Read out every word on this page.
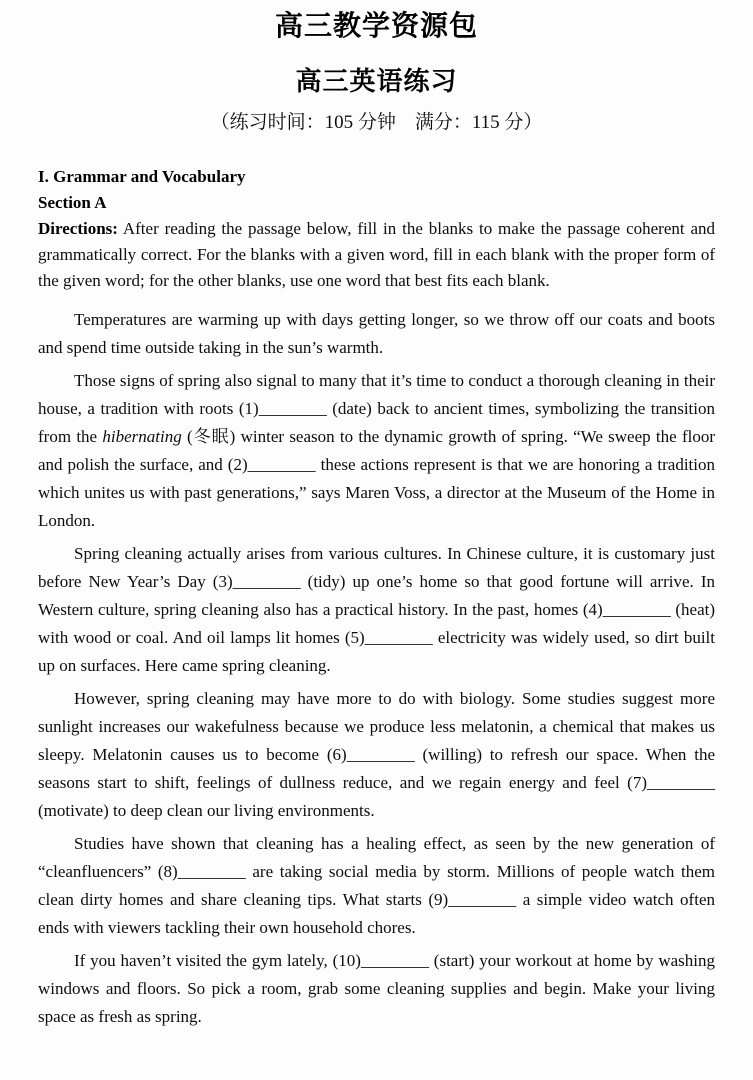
高三教学资源包
高三英语练习
（练习时间：105 分钟　满分：115 分）
I. Grammar and Vocabulary
Section A

Directions: After reading the passage below, fill in the blanks to make the passage coherent and grammatically correct. For the blanks with a given word, fill in each blank with the proper form of the given word; for the other blanks, use one word that best fits each blank.

Temperatures are warming up with days getting longer, so we throw off our coats and boots and spend time outside taking in the sun’s warmth.

Those signs of spring also signal to many that it’s time to conduct a thorough cleaning in their house, a tradition with roots (1)________ (date) back to ancient times, symbolizing the transition from the hibernating (冬眠) winter season to the dynamic growth of spring. “We sweep the floor and polish the surface, and (2)________ these actions represent is that we are honoring a tradition which unites us with past generations,” says Maren Voss, a director at the Museum of the Home in London.

Spring cleaning actually arises from various cultures. In Chinese culture, it is customary just before New Year’s Day (3)________ (tidy) up one’s home so that good fortune will arrive. In Western culture, spring cleaning also has a practical history. In the past, homes (4)________ (heat) with wood or coal. And oil lamps lit homes (5)________ electricity was widely used, so dirt built up on surfaces. Here came spring cleaning.

However, spring cleaning may have more to do with biology. Some studies suggest more sunlight increases our wakefulness because we produce less melatonin, a chemical that makes us sleepy. Melatonin causes us to become (6)________ (willing) to refresh our space. When the seasons start to shift, feelings of dullness reduce, and we regain energy and feel (7)________ (motivate) to deep clean our living environments.

Studies have shown that cleaning has a healing effect, as seen by the new generation of “cleanfluencers” (8)________ are taking social media by storm. Millions of people watch them clean dirty homes and share cleaning tips. What starts (9)________ a simple video watch often ends with viewers tackling their own household chores.

If you haven’t visited the gym lately, (10)________ (start) your workout at home by washing windows and floors. So pick a room, grab some cleaning supplies and begin. Make your living space as fresh as spring.
